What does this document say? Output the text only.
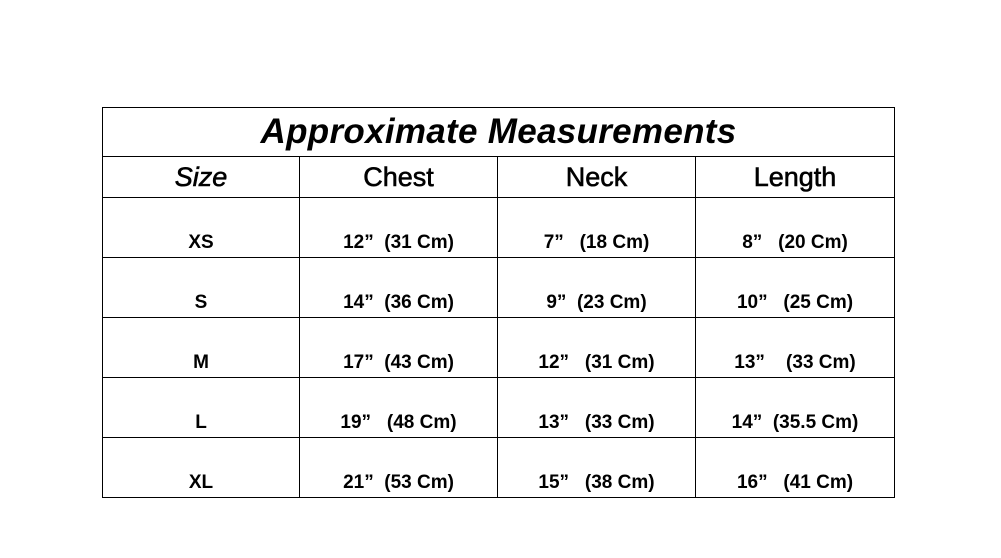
Approximate Measurements			
Size	Chest	Neck	Length
XS	12”  (31 Cm)	7”   (18 Cm)	8”   (20 Cm)
S	14”  (36 Cm)	9”  (23 Cm)	10”   (25 Cm)
M	17”  (43 Cm)	12”   (31 Cm)	13”    (33 Cm)
L	19”   (48 Cm)	13”   (33 Cm)	14”  (35.5 Cm)
XL	21”  (53 Cm)	15”   (38 Cm)	16”   (41 Cm)
